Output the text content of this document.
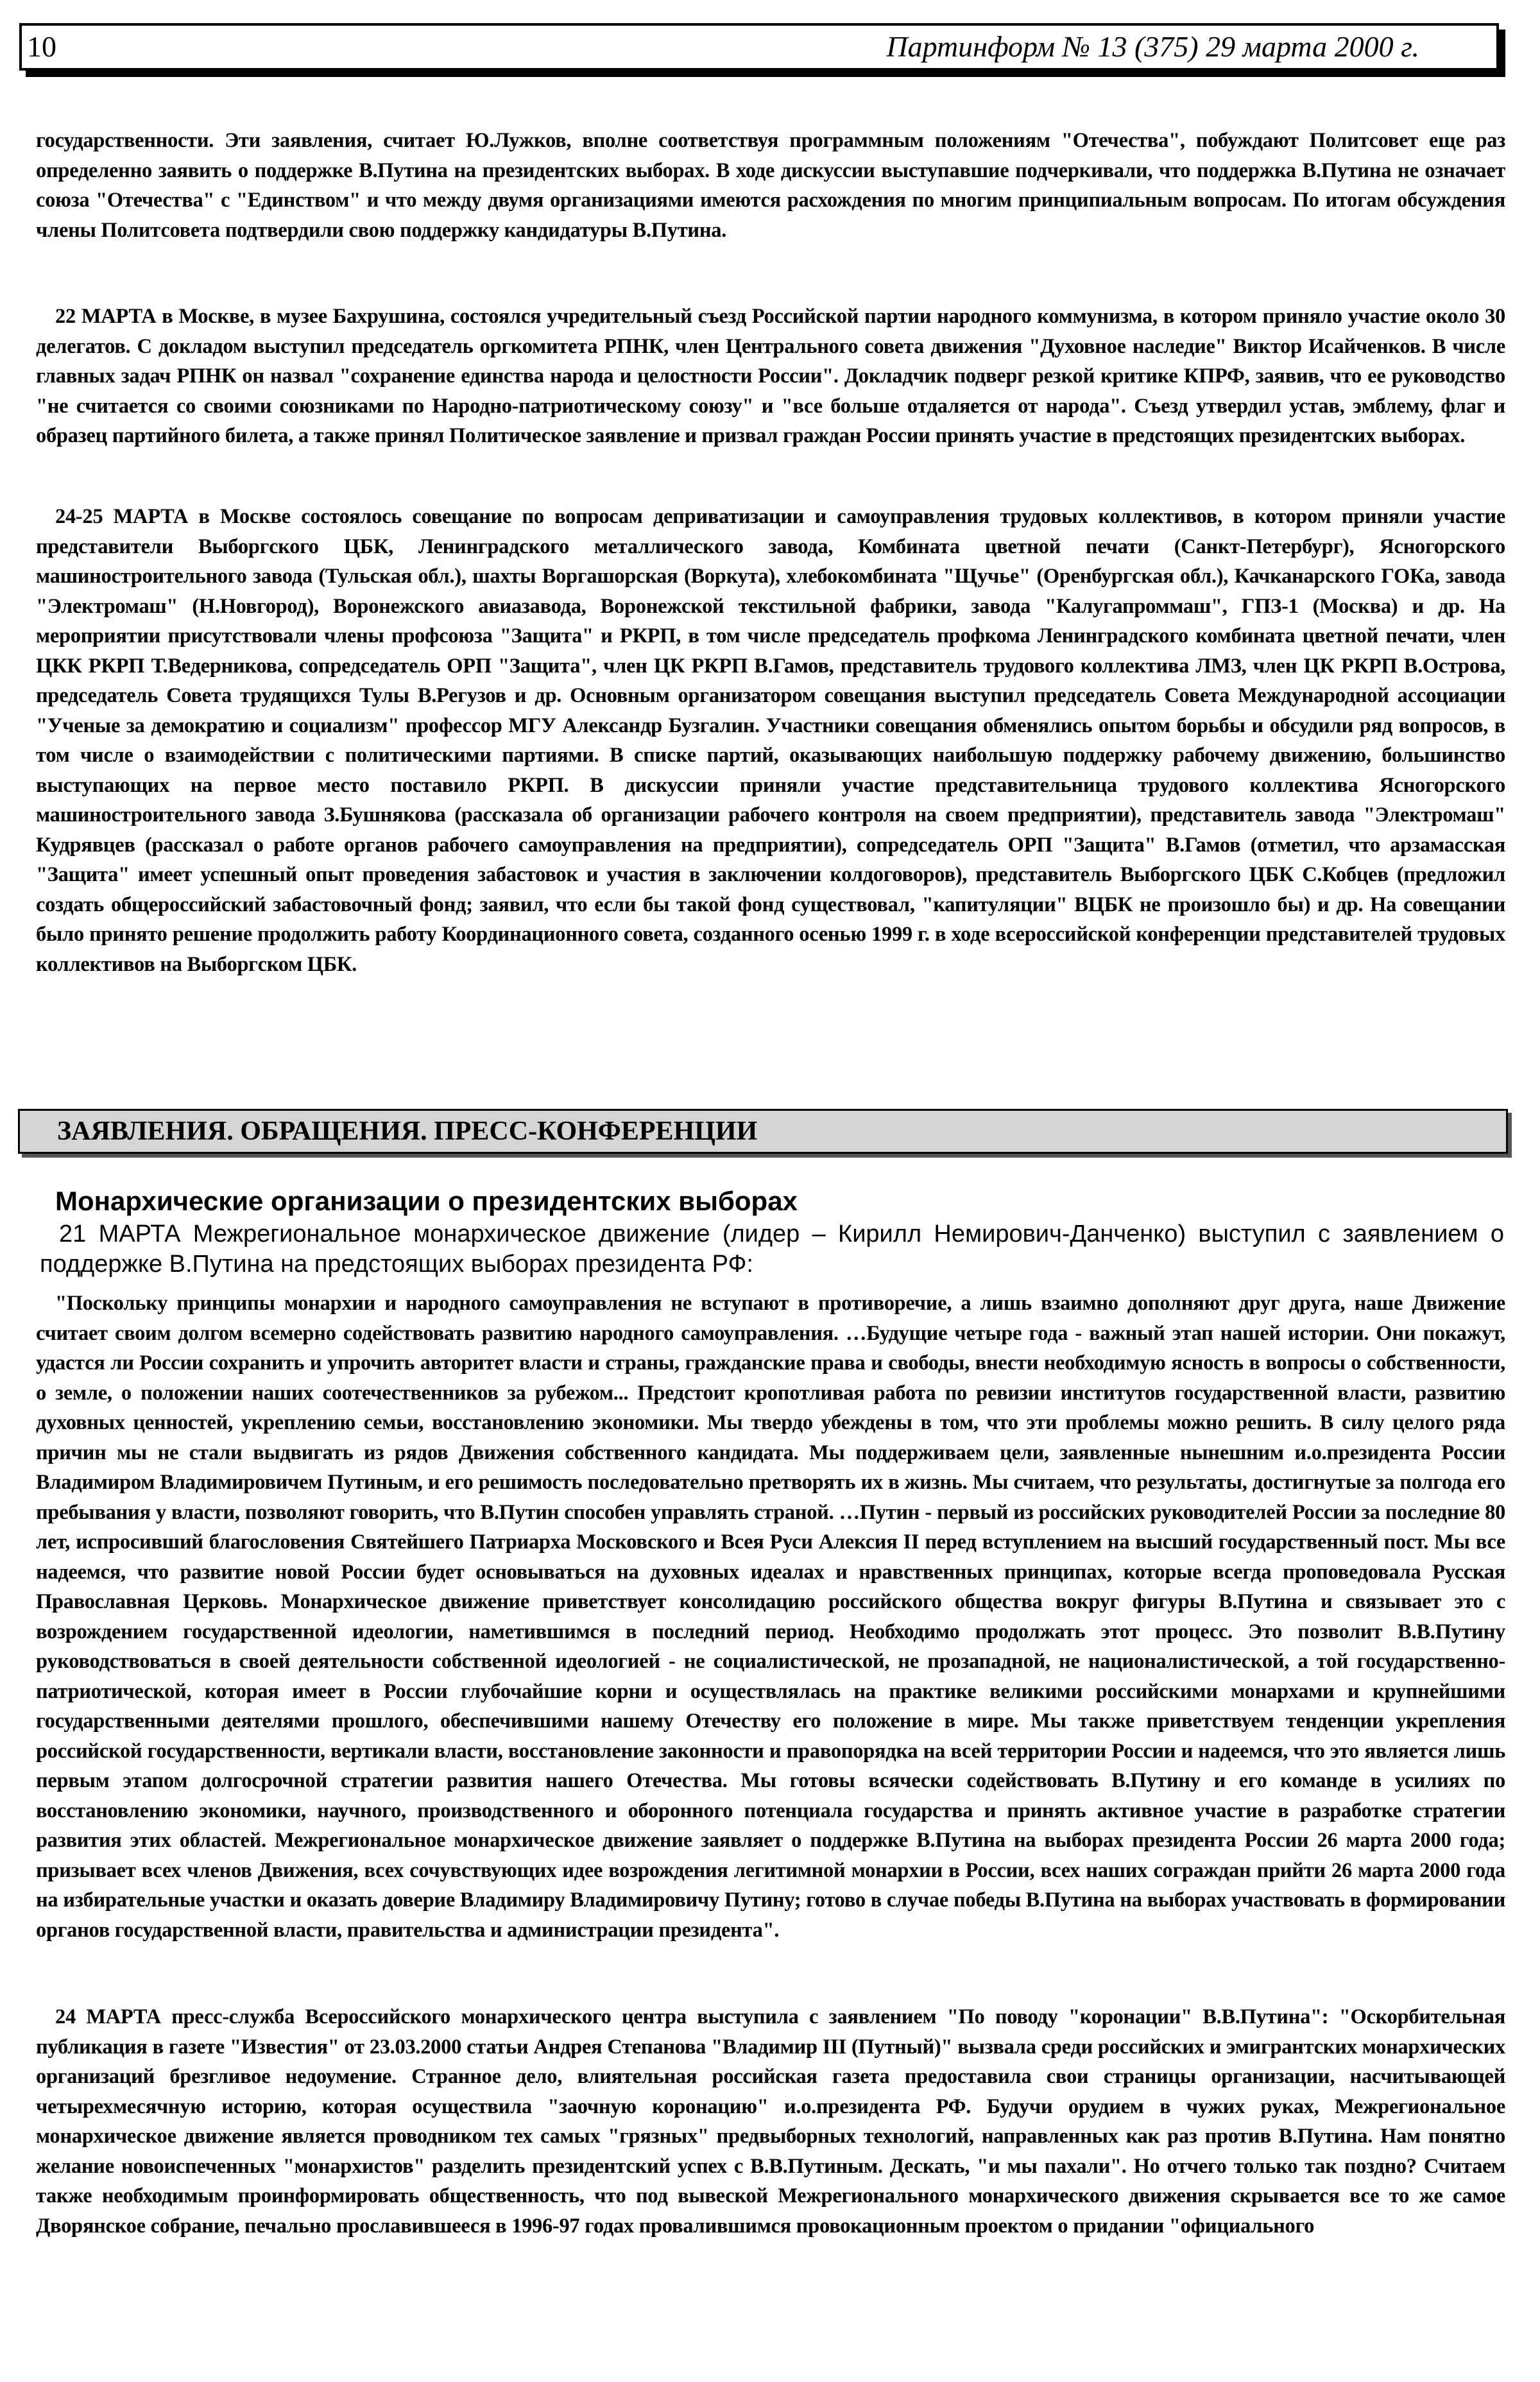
10	Партинформ № 13 (375) 29 марта 2000 г.

государственности. Эти заявления, считает Ю.Лужков, вполне соответствуя программным положениям "Отечества", побуждают Политсовет еще раз определенно заявить о поддержке В.Путина на президентских выборах. В ходе дискуссии выступавшие подчеркивали, что поддержка В.Путина не означает союза "Отечества" с "Единством" и что между двумя организациями имеются расхождения по многим принципиальным вопросам. По итогам обсуждения члены Политсовета подтвердили свою поддержку кандидатуры В.Путина.

22 МАРТА в Москве, в музее Бахрушина, состоялся учредительный съезд Российской партии народного коммунизма, в котором приняло участие около 30 делегатов. С докладом выступил председатель оргкомитета РПНК, член Центрального совета движения "Духовное наследие" Виктор Исайченков. В числе главных задач РПНК он назвал "сохранение единства народа и целостности России". Докладчик подверг резкой критике КПРФ, заявив, что ее руководство "не считается со своими союзниками по Народно-патриотическому союзу" и "все больше отдаляется от народа". Съезд утвердил устав, эмблему, флаг и образец партийного билета, а также принял Политическое заявление и призвал граждан России принять участие в предстоящих президентских выборах.

24-25 МАРТА в Москве состоялось совещание по вопросам деприватизации и самоуправления трудовых коллективов, в котором приняли участие представители Выборгского ЦБК, Ленинградского металлического завода, Комбината цветной печати (Санкт-Петербург), Ясногорского машиностроительного завода (Тульская обл.), шахты Воргашорская (Воркута), хлебокомбината "Щучье" (Оренбургская обл.), Качканарского ГОКа, завода "Электромаш" (Н.Новгород), Воронежского авиазавода, Воронежской текстильной фабрики, завода "Калугапроммаш", ГПЗ-1 (Москва) и др. На мероприятии присутствовали члены профсоюза "Защита" и РКРП, в том числе председатель профкома Ленинградского комбината цветной печати, член ЦКК РКРП Т.Ведерникова, сопредседатель ОРП "Защита", член ЦК РКРП В.Гамов, представитель трудового коллектива ЛМЗ, член ЦК РКРП В.Острова, председатель Совета трудящихся Тулы В.Регузов и др. Основным организатором совещания выступил председатель Совета Международной ассоциации "Ученые за демократию и социализм" профессор МГУ Александр Бузгалин. Участники совещания обменялись опытом борьбы и обсудили ряд вопросов, в том числе о взаимодействии с политическими партиями. В списке партий, оказывающих наибольшую поддержку рабочему движению, большинство выступающих на первое место поставило РКРП. В дискуссии приняли участие представительница трудового коллектива Ясногорского машиностроительного завода З.Бушнякова (рассказала об организации рабочего контроля на своем предприятии), представитель завода "Электромаш" Кудрявцев (рассказал о работе органов рабочего самоуправления на предприятии), сопредседатель ОРП "Защита" В.Гамов (отметил, что арзамасская "Защита" имеет успешный опыт проведения забастовок и участия в заключении колдоговоров), представитель Выборгского ЦБК С.Кобцев (предложил создать общероссийский забастовочный фонд; заявил, что если бы такой фонд существовал, "капитуляции" ВЦБК не произошло бы) и др. На совещании было принято решение продолжить работу Координационного совета, созданного осенью 1999 г. в ходе всероссийской конференции представителей трудовых коллективов на Выборгском ЦБК.

ЗАЯВЛЕНИЯ. ОБРАЩЕНИЯ. ПРЕСС-КОНФЕРЕНЦИИ
Монархические организации о президентских выборах

21 МАРТА Межрегиональное монархическое движение (лидер – Кирилл Немирович-Данченко) выступил с заявлением о поддержке В.Путина на предстоящих выборах президента РФ:

"Поскольку принципы монархии и народного самоуправления не вступают в противоречие, а лишь взаимно дополняют друг друга, наше Движение считает своим долгом всемерно содействовать развитию народного самоуправления. …Будущие четыре года - важный этап нашей истории. Они покажут, удастся ли России сохранить и упрочить авторитет власти и страны, гражданские права и свободы, внести необходимую ясность в вопросы о собственности, о земле, о положении наших соотечественников за рубежом... Предстоит кропотливая работа по ревизии институтов государственной власти, развитию духовных ценностей, укреплению семьи, восстановлению экономики. Мы твердо убеждены в том, что эти проблемы можно решить. В силу целого ряда причин мы не стали выдвигать из рядов Движения собственного кандидата. Мы поддерживаем цели, заявленные нынешним и.о.президента России Владимиром Владимировичем Путиным, и его решимость последовательно претворять их в жизнь. Мы считаем, что результаты, достигнутые за полгода его пребывания у власти, позволяют говорить, что В.Путин способен управлять страной. …Путин - первый из российских руководителей России за последние 80 лет, испросивший благословения Святейшего Патриарха Московского и Всея Руси Алексия II перед вступлением на высший государственный пост. Мы все надеемся, что развитие новой России будет основываться на духовных идеалах и нравственных принципах, которые всегда проповедовала Русская Православная Церковь. Монархическое движение приветствует консолидацию российского общества вокруг фигуры В.Путина и связывает это с возрождением государственной идеологии, наметившимся в последний период. Необходимо продолжать этот процесс. Это позволит В.В.Путину руководствоваться в своей деятельности собственной идеологией - не социалистической, не прозападной, не националистической, а той государственно-патриотической, которая имеет в России глубочайшие корни и осуществлялась на практике великими российскими монархами и крупнейшими государственными деятелями прошлого, обеспечившими нашему Отечеству его положение в мире. Мы также приветствуем тенденции укрепления российской государственности, вертикали власти, восстановление законности и правопорядка на всей территории России и надеемся, что это является лишь первым этапом долгосрочной стратегии развития нашего Отечества. Мы готовы всячески содействовать В.Путину и его команде в усилиях по восстановлению экономики, научного, производственного и оборонного потенциала государства и принять активное участие в разработке стратегии развития этих областей. Межрегиональное монархическое движение заявляет о поддержке В.Путина на выборах президента России 26 марта 2000 года; призывает всех членов Движения, всех сочувствующих идее возрождения легитимной монархии в России, всех наших сограждан прийти 26 марта 2000 года на избирательные участки и оказать доверие Владимиру Владимировичу Путину; готово в случае победы В.Путина на выборах участвовать в формировании органов государственной власти, правительства и администрации президента".

24 МАРТА пресс-служба Всероссийского монархического центра выступила с заявлением "По поводу "коронации" В.В.Путина": "Оскорбительная публикация в газете "Известия" от 23.03.2000 статьи Андрея Степанова "Владимир III (Путный)" вызвала среди российских и эмигрантских монархических организаций брезгливое недоумение. Странное дело, влиятельная российская газета предоставила свои страницы организации, насчитывающей четырехмесячную историю, которая осуществила "заочную коронацию" и.о.президента РФ. Будучи орудием в чужих руках, Межрегиональное монархическое движение является проводником тех самых "грязных" предвыборных технологий, направленных как раз против В.Путина. Нам понятно желание новоиспеченных "монархистов" разделить президентский успех с В.В.Путиным. Дескать, "и мы пахали". Но отчего только так поздно? Считаем также необходимым проинформировать общественность, что под вывеской Межрегионального монархического движения скрывается все то же самое Дворянское собрание, печально прославившееся в 1996-97 годах провалившимся провокационным проектом о придании "официального
